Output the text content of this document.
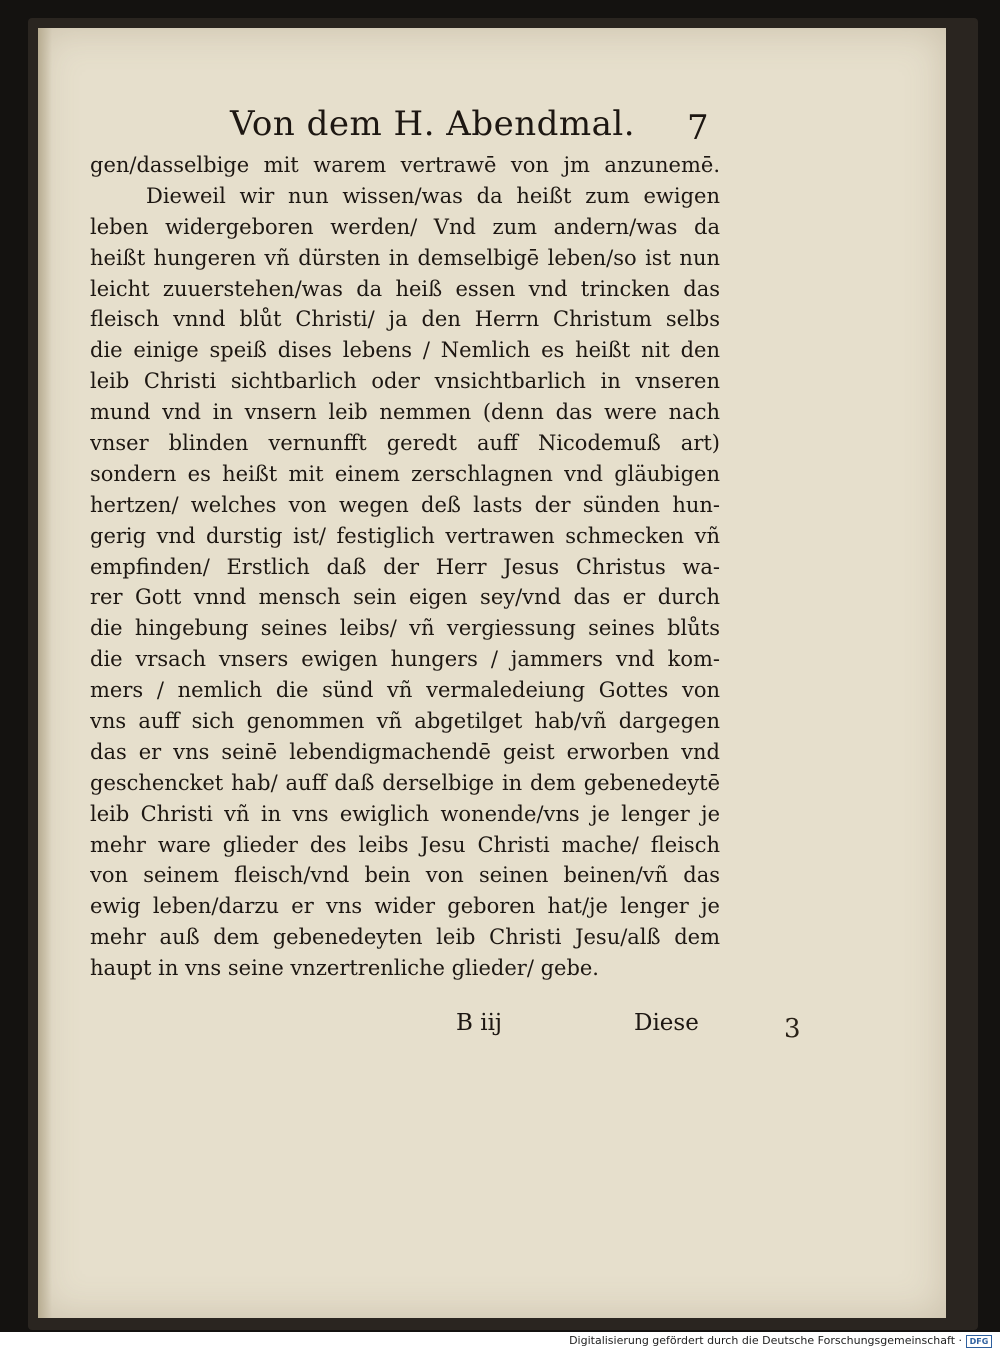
Von dem H. Abendmal. 7
gen/dasselbige mit warem vertrawē von jm anzunemē.
Dieweil wir nun wissen/was da heißt zum ewigen
leben widergeboren werden/ Vnd zum andern/was da
heißt hungeren vñ dürsten in demselbigē leben/so ist nun
leicht zuuerstehen/was da heiß essen vnd trincken das
fleisch vnnd blůt Christi/ ja den Herrn Christum selbs
die einige speiß dises lebens / Nemlich es heißt nit den
leib Christi sichtbarlich oder vnsichtbarlich in vnseren
mund vnd in vnsern leib nemmen (denn das were nach
vnser blinden vernunfft geredt auff Nicodemuß art)
sondern es heißt mit einem zerschlagnen vnd gläubigen
hertzen/ welches von wegen deß lasts der sünden hun-
gerig vnd durstig ist/ festiglich vertrawen schmecken vñ
empfinden/ Erstlich daß der Herr Jesus Christus wa-
rer Gott vnnd mensch sein eigen sey/vnd das er durch
die hingebung seines leibs/ vñ vergiessung seines blůts
die vrsach vnsers ewigen hungers / jammers vnd kom-
mers / nemlich die sünd vñ vermaledeiung Gottes von
vns auff sich genommen vñ abgetilget hab/vñ dargegen
das er vns seinē lebendigmachendē geist erworben vnd
geschencket hab/ auff daß derselbige in dem gebenedeytē
leib Christi vñ in vns ewiglich wonende/vns je lenger je
mehr ware glieder des leibs Jesu Christi mache/ fleisch
von seinem fleisch/vnd bein von seinen beinen/vñ das
ewig leben/darzu er vns wider geboren hat/je lenger je
mehr auß dem gebenedeyten leib Christi Jesu/alß dem
haupt in vns seine vnzertrenliche glieder/ gebe.
B iij	Diese	3
Digitalisierung gefördert durch die Deutsche Forschungsgemeinschaft · DFG
